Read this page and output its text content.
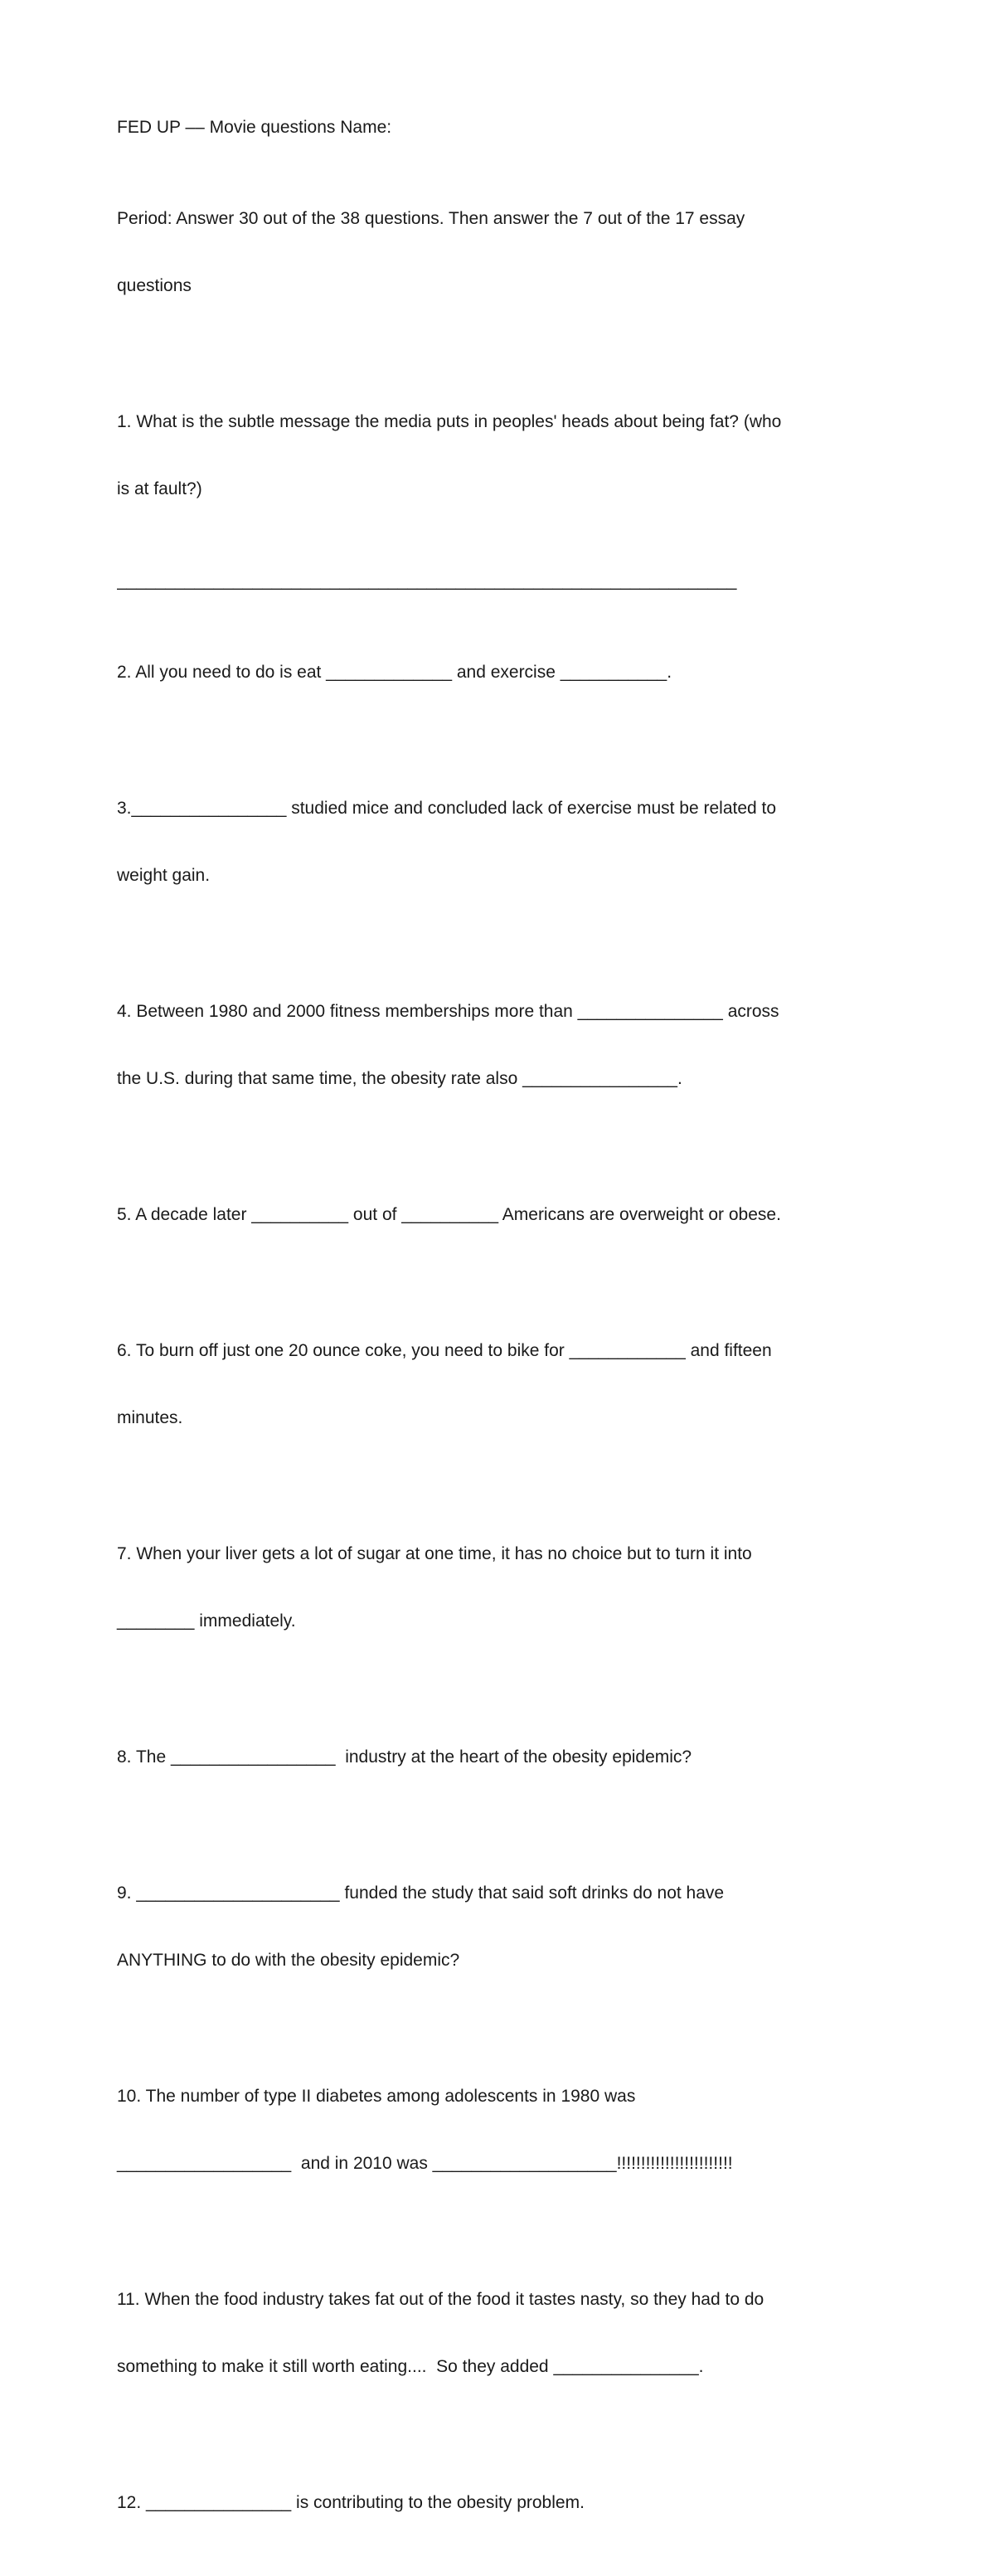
FED UP –– Movie questions Name:

Period: Answer 30 out of the 38 questions. Then answer the 7 out of the 17 essay

questions

1. What is the subtle message the media puts in peoples' heads about being fat? (who

is at fault?)

________________________________________________________________

2. All you need to do is eat _____________ and exercise ___________.

3.________________ studied mice and concluded lack of exercise must be related to

weight gain.

4. Between 1980 and 2000 fitness memberships more than _______________ across

the U.S. during that same time, the obesity rate also ________________.

5. A decade later __________ out of __________ Americans are overweight or obese.

6. To burn off just one 20 ounce coke, you need to bike for ____________ and fifteen

minutes.

7. When your liver gets a lot of sugar at one time, it has no choice but to turn it into

________ immediately.

8. The _________________  industry at the heart of the obesity epidemic?

9. _____________________ funded the study that said soft drinks do not have

ANYTHING to do with the obesity epidemic?

10. The number of type II diabetes among adolescents in 1980 was

__________________  and in 2010 was ___________________!!!!!!!!!!!!!!!!!!!!!!!!

11. When the food industry takes fat out of the food it tastes nasty, so they had to do

something to make it still worth eating....  So they added _______________.

12. _______________ is contributing to the obesity problem.
